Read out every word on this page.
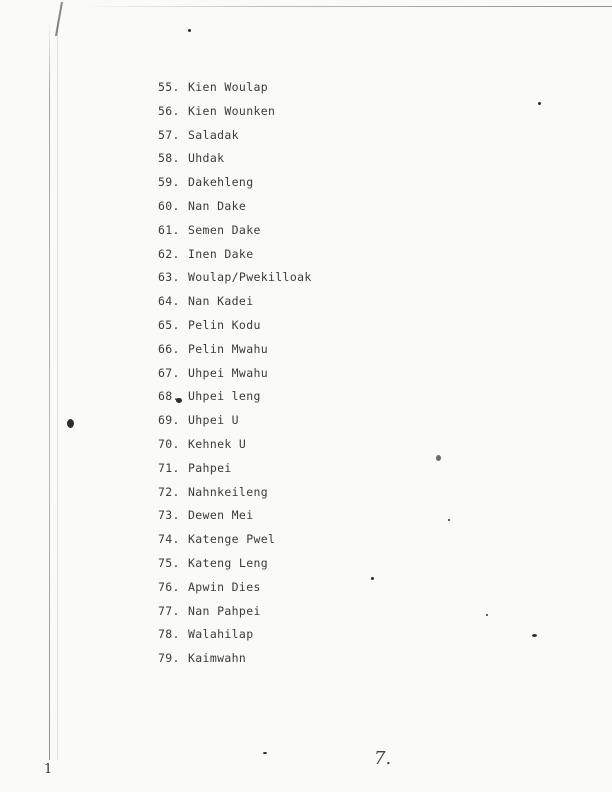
55. Kien Woulap
56. Kien Wounken
57. Saladak
58. Uhdak
59. Dakehleng
60. Nan Dake
61. Semen Dake
62. Inen Dake
63. Woulap/Pwekilloak
64. Nan Kadei
65. Pelin Kodu
66. Pelin Mwahu
67. Uhpei Mwahu
68. Uhpei leng
69. Uhpei U
70. Kehnek U
71. Pahpei
72. Nahnkeileng
73. Dewen Mei
74. Katenge Pwel
75. Kateng Leng
76. Apwin Dies
77. Nan Pahpei
78. Walahilap
79. Kaimwahn
7.
1
